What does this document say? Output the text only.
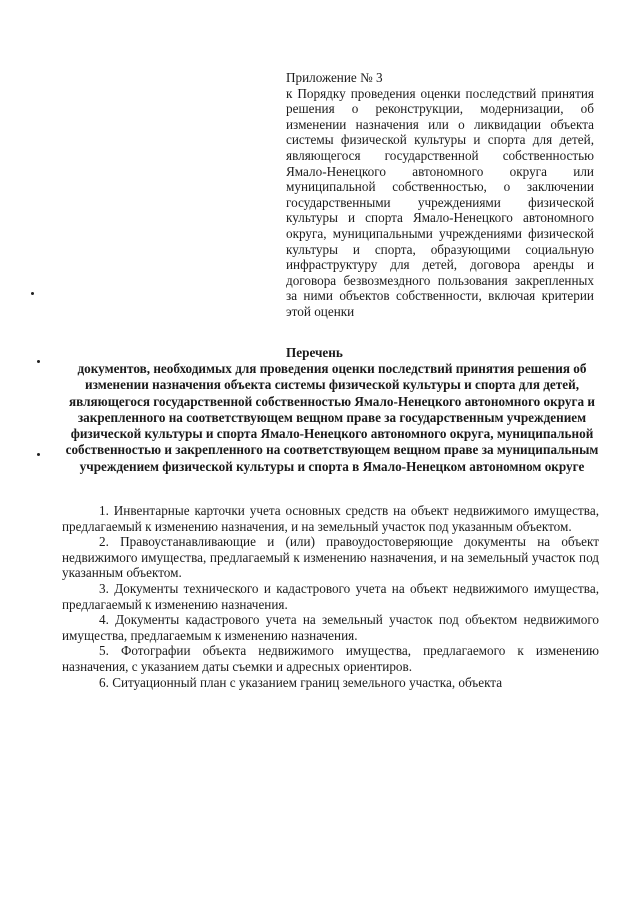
Приложение № 3
к Порядку проведения оценки последствий принятия решения о реконструкции, модернизации, об изменении назначения или о ликвидации объекта системы физической культуры и спорта для детей, являющегося государственной собственностью Ямало-Ненецкого автономного округа или муниципальной собственностью, о заключении государственными учреждениями физической культуры и спорта Ямало-Ненецкого автономного округа, муниципальными учреждениями физической культуры и спорта, образующими социальную инфраструктуру для детей, договора аренды и договора безвозмездного пользования закрепленных за ними объектов собственности, включая критерии этой оценки
Перечень
документов, необходимых для проведения оценки последствий принятия решения об изменении назначения объекта системы физической культуры и спорта для детей, являющегося государственной собственностью Ямало-Ненецкого автономного округа и закрепленного на соответствующем вещном праве за государственным учреждением физической культуры и спорта Ямало-Ненецкого автономного округа, муниципальной собственностью и закрепленного на соответствующем вещном праве за муниципальным учреждением физической культуры и спорта в Ямало-Ненецком автономном округе

1. Инвентарные карточки учета основных средств на объект недвижимого имущества, предлагаемый к изменению назначения, и на земельный участок под указанным объектом.

2. Правоустанавливающие и (или) правоудостоверяющие документы на объект недвижимого имущества, предлагаемый к изменению назначения, и на земельный участок под указанным объектом.

3. Документы технического и кадастрового учета на объект недвижимого имущества, предлагаемый к изменению назначения.

4. Документы кадастрового учета на земельный участок под объектом недвижимого имущества, предлагаемым к изменению назначения.

5. Фотографии объекта недвижимого имущества, предлагаемого к изменению назначения, с указанием даты съемки и адресных ориентиров.

6. Ситуационный план с указанием границ земельного участка, объекта
